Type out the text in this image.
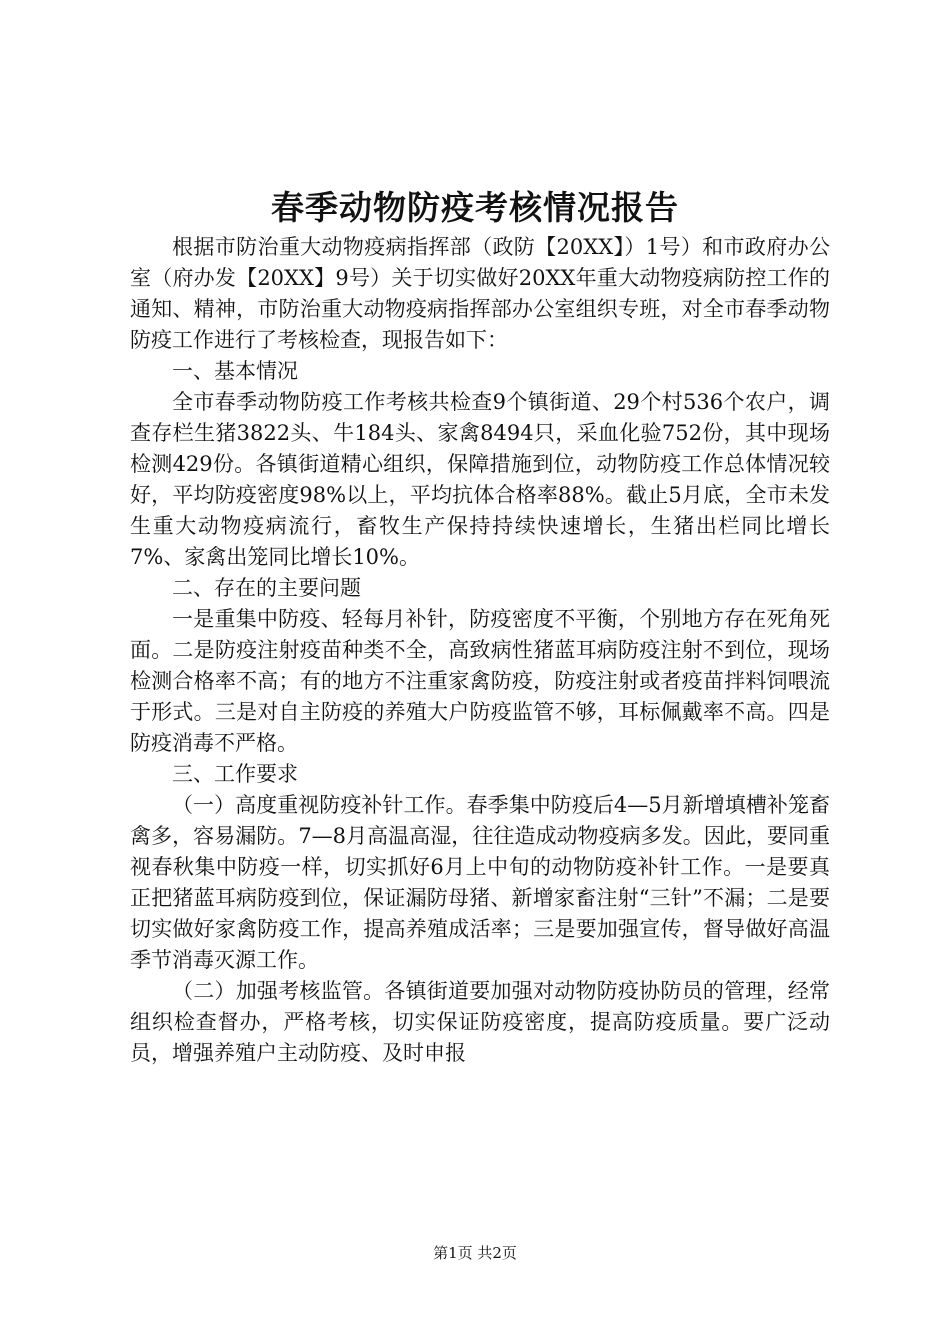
春季动物防疫考核情况报告

根据市防治重大动物疫病指挥部（政防【20XX】）1号）和市政府办公室（府办发【20XX】9号）关于切实做好20XX年重大动物疫病防控工作的通知、精神，市防治重大动物疫病指挥部办公室组织专班，对全市春季动物防疫工作进行了考核检查，现报告如下：

一、基本情况

全市春季动物防疫工作考核共检查9个镇街道、29个村536个农户，调查存栏生猪3822头、牛184头、家禽8494只，采血化验752份，其中现场检测429份。各镇街道精心组织，保障措施到位，动物防疫工作总体情况较好，平均防疫密度98%以上，平均抗体合格率88%。截止5月底，全市未发生重大动物疫病流行，畜牧生产保持持续快速增长，生猪出栏同比增长7%、家禽出笼同比增长10%。

二、存在的主要问题

一是重集中防疫、轻每月补针，防疫密度不平衡，个别地方存在死角死面。二是防疫注射疫苗种类不全，高致病性猪蓝耳病防疫注射不到位，现场检测合格率不高；有的地方不注重家禽防疫，防疫注射或者疫苗拌料饲喂流于形式。三是对自主防疫的养殖大户防疫监管不够，耳标佩戴率不高。四是防疫消毒不严格。

三、工作要求

（一）高度重视防疫补针工作。春季集中防疫后4—5月新增填槽补笼畜禽多，容易漏防。7—8月高温高湿，往往造成动物疫病多发。因此，要同重视春秋集中防疫一样，切实抓好6月上中旬的动物防疫补针工作。一是要真正把猪蓝耳病防疫到位，保证漏防母猪、新增家畜注射“三针”不漏；二是要切实做好家禽防疫工作，提高养殖成活率；三是要加强宣传，督导做好高温季节消毒灭源工作。

（二）加强考核监管。各镇街道要加强对动物防疫协防员的管理，经常组织检查督办，严格考核，切实保证防疫密度，提高防疫质量。要广泛动员，增强养殖户主动防疫、及时申报

第1页 共2页
